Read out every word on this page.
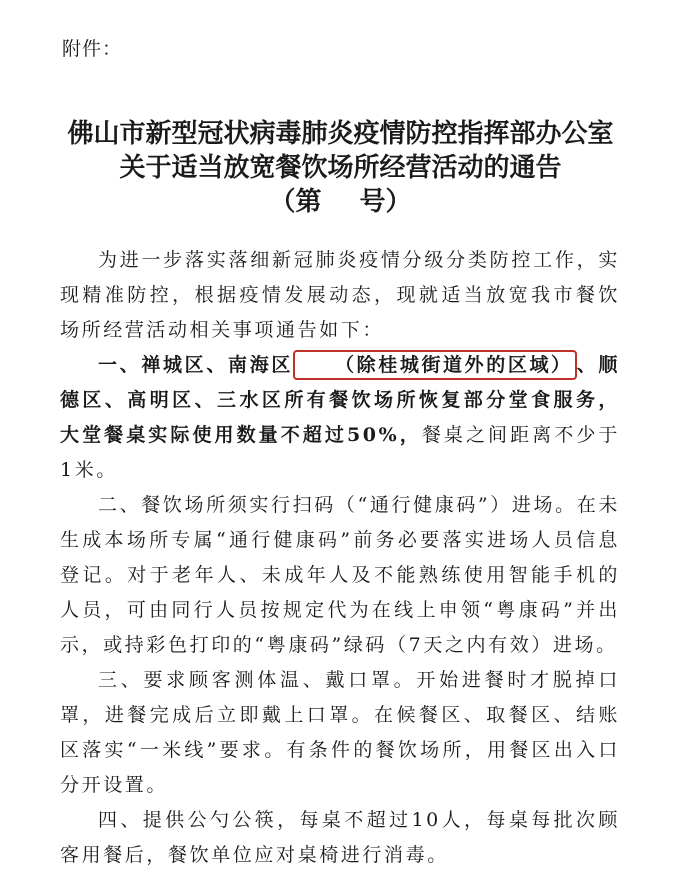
附件：
佛山市新型冠状病毒肺炎疫情防控指挥部办公室
关于适当放宽餐饮场所经营活动的通告
（第 号）

为进一步落实落细新冠肺炎疫情分级分类防控工作，实现精准防控，根据疫情发展动态，现就适当放宽我市餐饮场所经营活动相关事项通告如下：

一、禅城区、南海区 （除桂城街道外的区域） 、顺德区、高明区、三水区所有餐饮场所恢复部分堂食服务，大堂餐桌实际使用数量不超过50%，餐桌之间距离不少于1米。

二、餐饮场所须实行扫码（“通行健康码”）进场。在未生成本场所专属“通行健康码”前务必要落实进场人员信息登记。对于老年人、未成年人及不能熟练使用智能手机的人员，可由同行人员按规定代为在线上申领“粤康码”并出示，或持彩色打印的“粤康码”绿码（7天之内有效）进场。

三、要求顾客测体温、戴口罩。开始进餐时才脱掉口罩，进餐完成后立即戴上口罩。在候餐区、取餐区、结账区落实“一米线”要求。有条件的餐饮场所，用餐区出入口分开设置。

四、提供公勺公筷，每桌不超过10人，每桌每批次顾客用餐后，餐饮单位应对桌椅进行消毒。
